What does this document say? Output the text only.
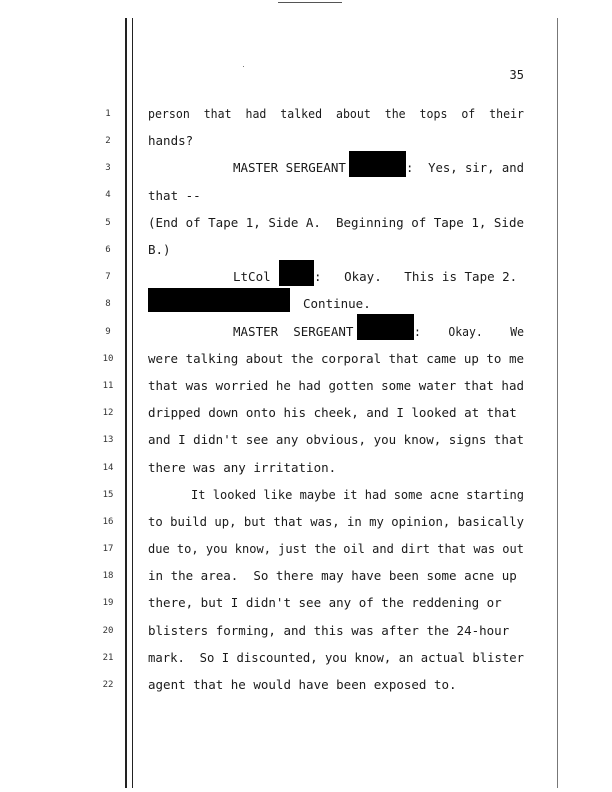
35
1
2
3
4
5
6
7
8
9
10
11
12
13
14
15
16
17
18
19
20
21
22
person  that  had  talked  about  the  tops  of  their
hands?
MASTER SERGEANT	:  Yes, sir, and
that --
(End of Tape 1, Side A.  Beginning of Tape 1, Side
B.)
LtCol	:   Okay.   This is Tape 2.
Continue.
MASTER  SERGEANT	:    Okay.    We
were talking about the corporal that came up to me
that was worried he had gotten some water that had
dripped down onto his cheek, and I looked at that
and I didn't see any obvious, you know, signs that
there was any irritation.
It looked like maybe it had some acne starting
to build up, but that was, in my opinion, basically
due to, you know, just the oil and dirt that was out
in the area.  So there may have been some acne up
there, but I didn't see any of the reddening or
blisters forming, and this was after the 24-hour
mark.  So I discounted, you know, an actual blister
agent that he would have been exposed to.
